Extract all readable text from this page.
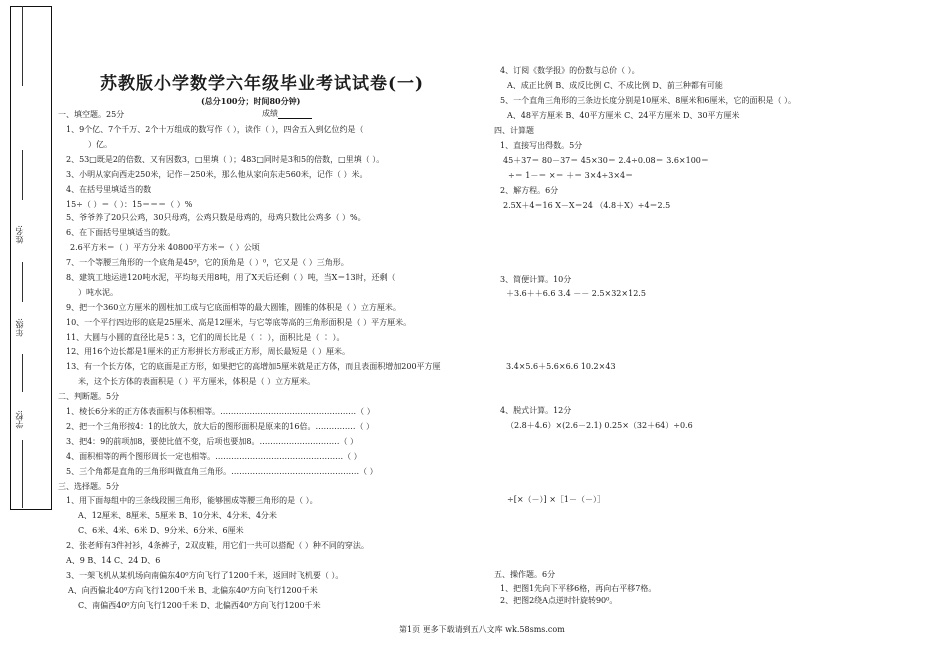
姓名:
年级:
学校:
苏教版小学数学六年级毕业考试试卷(一)
(总分100分；时间80分钟)
成绩
一、填空题。25分
1、9个亿、7个千万、2个十万组成的数写作（ ），读作（ ），四舍五入到亿位约是（
）亿。
2、53□既是2的倍数、又有因数3，□里填（ ）；483□同时是3和5的倍数，□里填（ ）。
3、小明从家向西走250米，记作－250米，那么他从家向东走560米，记作（ ）米。
4、在括号里填适当的数
15÷（ ）＝（ ）：15＝＝＝（ ）%
5、爷爷养了20只公鸡，30只母鸡，公鸡只数是母鸡的，母鸡只数比公鸡多（ ）%。
6、在下面括号里填适当的数。
2.6平方米＝（ ）平方分米 40800平方米＝（ ）公顷
7、一个等腰三角形的一个底角是45⁰，它的顶角是（ ）⁰，它又是（ ）三角形。
8、建筑工地运进120吨水泥，平均每天用8吨，用了X天后还剩（ ）吨，当X＝13时，还剩（
）吨水泥。
9、把一个360立方厘米的圆柱加工成与它底面相等的最大圆锥，圆锥的体积是（ ）立方厘米。
10、一个平行四边形的底是25厘米、高是12厘米，与它等底等高的三角形面积是（ ）平方厘米。
11、大圆与小圆的直径比是5∶3，它们的周长比是（ ∶ ），面积比是（ ∶ ）。
12、用16个边长都是1厘米的正方形拼长方形或正方形，周长最短是（ ）厘米。
13、有一个长方体，它的底面是正方形，如果把它的高增加5厘米就是正方体，而且表面积增加200平方厘
米，这个长方体的表面积是（ ）平方厘米，体积是（ ）立方厘米。
二、判断题。5分
1、棱长6分米的正方体表面积与体积相等。……………………………………………（ ）
2、把一个三角形按4：1的比放大，放大后的图形面积是原来的16倍。……………（ ）
3、把4：9的前项加8，要使比值不变，后项也要加8。…………………………（ ）
4、面积相等的两个图形周长一定也相等。…………………………………………（ ）
5、三个角都是直角的三角形叫做直角三角形。…………………………………………（ ）
三、选择题。5分
1、用下面每组中的三条线段围三角形，能够围成等腰三角形的是（ ）。
A、12厘米、8厘米、5厘米 B、10分米、4分米、4分米
C、6米、4米、6米 D、9分米、6分米、6厘米
2、张老师有3件衬衫，4条裤子，2双皮鞋，用它们一共可以搭配（ ）种不同的穿法。
A、9 B、14 C、24 D、6
3、一架飞机从某机场向南偏东40⁰方向飞行了1200千米，返回时飞机要（ ）。
A、向西偏北40⁰方向飞行1200千米 B、北偏东40⁰方向飞行1200千米
C、南偏西40⁰方向飞行1200千米 D、北偏西40⁰方向飞行1200千米
4、订阅《数学报》的份数与总价（ ）。
A、成正比例 B、成反比例 C、不成比例 D、前三种都有可能
5、一个直角三角形的三条边长度分别是10厘米、8厘米和6厘米，它的面积是（ ）。
A、48平方厘米 B、40平方厘米 C、24平方厘米 D、30平方厘米
四、计算题
1、直接写出得数。5分
45＋37＝ 80－37＝ 45×30＝ 2.4÷0.08＝ 3.6×100＝
÷＝ 1－＝ ×＝ ＋＝ 3×4÷3×4＝
2、解方程。6分
2.5X＋4＝16 X－X＝24 （4.8＋X）÷4＝2.5
3、简便计算。10分
＋3.6＋＋6.6 3.4 －－ 2.5×32×12.5
3.4×5.6＋5.6×6.6 10.2×43
4、脱式计算。12分
（2.8＋4.6）×(2.6－2.1) 0.25×（32＋64）÷0.6
÷[×（－）] ×［1－（－）］
五、操作题。6分
1、把图1先向下平移6格，再向右平移7格。
2、把图2绕A点逆时针旋转90⁰。
第1页 更多下载请到五八文库 wk.58sms.com
